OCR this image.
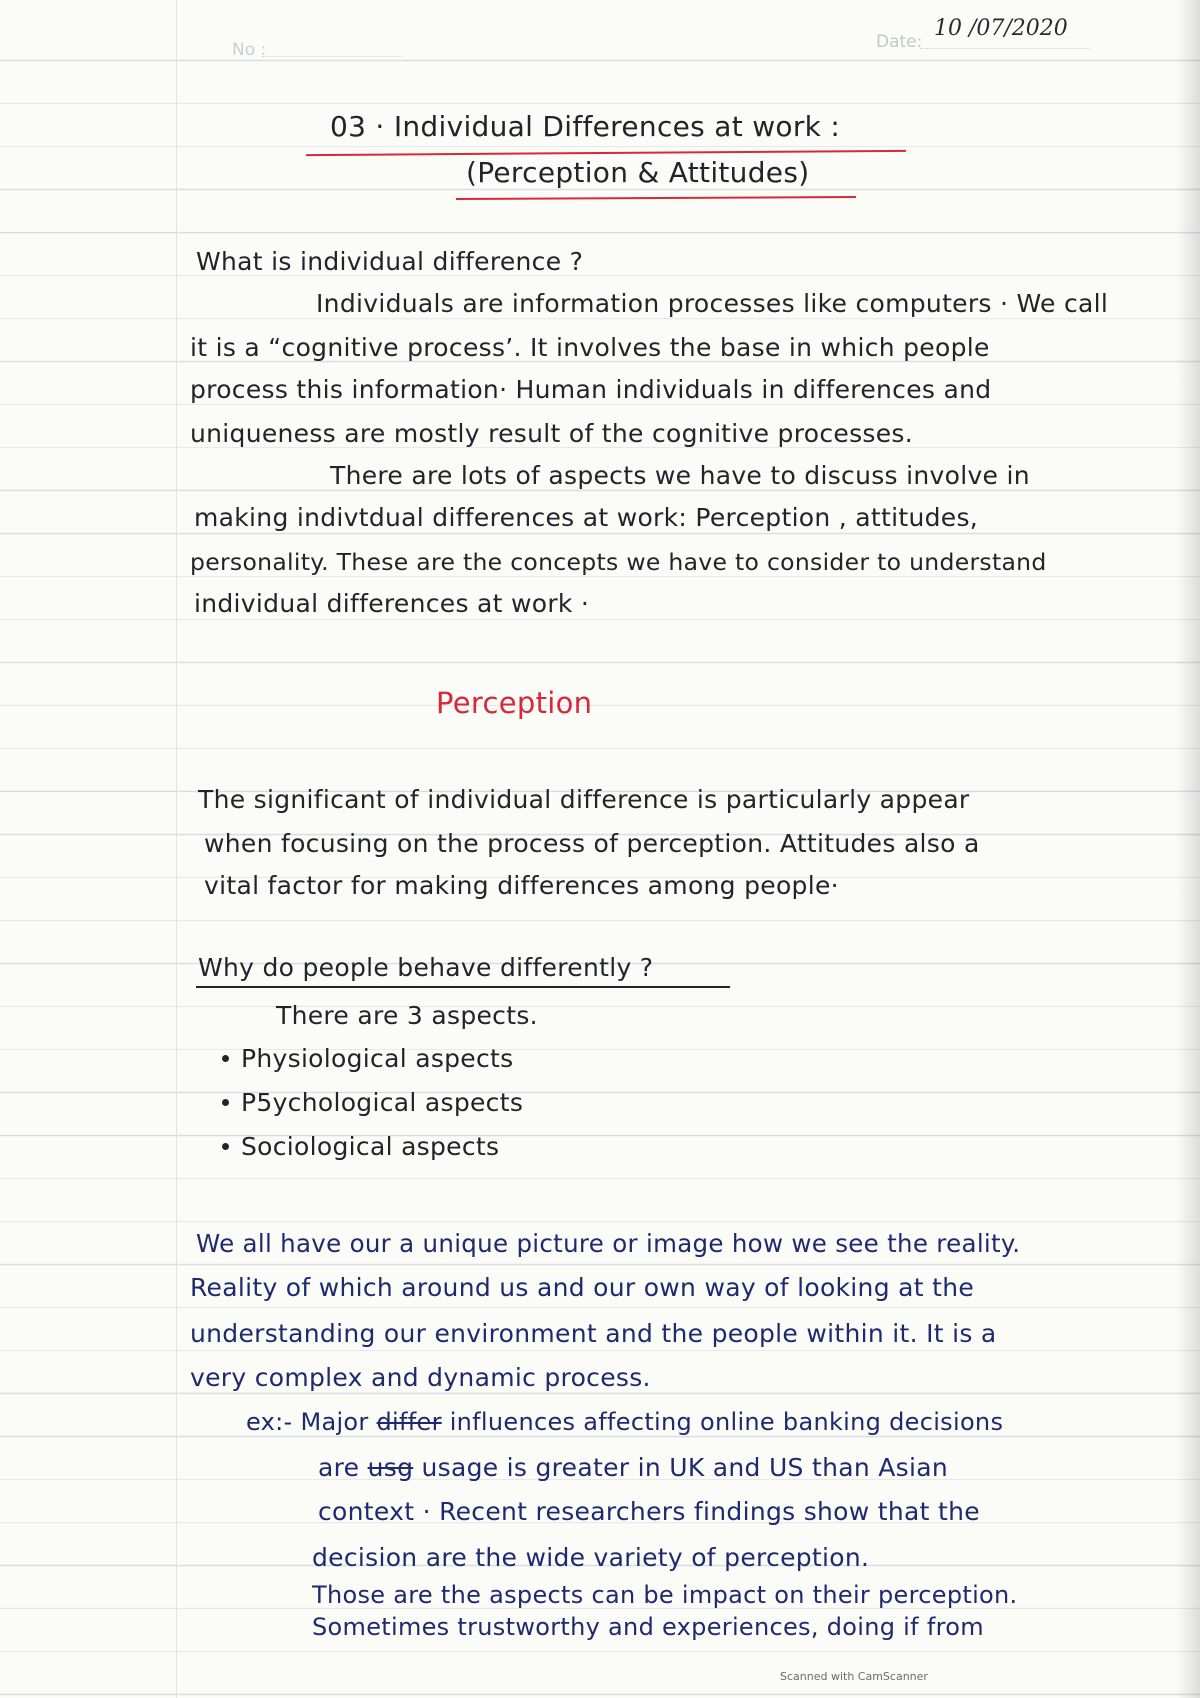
No :	Date:
10 /07/2020
03 · Individual Differences at work :
(Perception & Attitudes)
What is individual difference ?
Individuals are information processes like computers · We call
it is a “cognitive process’. It involves the base in which people
process this information· Human individuals in differences and
uniqueness are mostly result of the cognitive processes.
There are lots of aspects we have to discuss involve in
making indivtdual differences at work: Perception , attitudes,
personality. These are the concepts we have to consider to understand
individual differences at work ·
Perception
The significant of individual difference is particularly appear
when focusing on the process of perception. Attitudes also a
vital factor for making differences among people·
Why do people behave differently ?
There are 3 aspects.
Physiological aspects
P5ychological aspects
Sociological aspects
We all have our a unique picture or image how we see the reality.
Reality of which around us and our own way of looking at the
understanding our environment and the people within it. It is a
very complex and dynamic process.
ex:- Major differ influences affecting online banking decisions
are usg usage is greater in UK and US than Asian
context · Recent researchers findings show that the
decision are the wide variety of perception.
Those are the aspects can be impact on their perception.
Sometimes trustworthy and experiences, doing if from
Scanned with CamScanner
